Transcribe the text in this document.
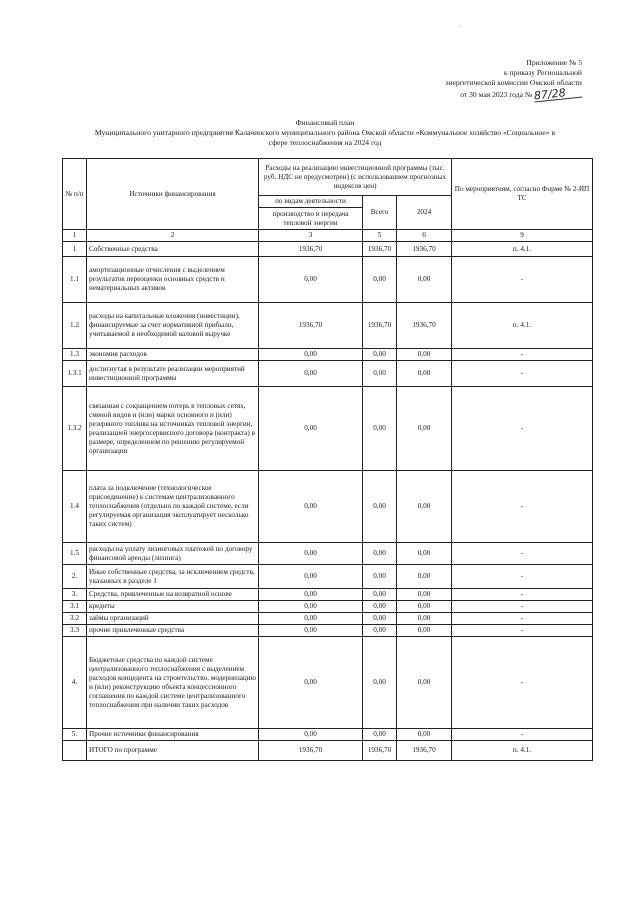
·
Приложение № 5
к приказу Региональной
энергетической комиссии Омской области
от 30 мая 2023 года № 87/28
Финансовый план
Муниципального унитарного предприятия Калачинского муниципального района Омской области «Коммунальное хозяйство «Социальное» в
сфере теплоснабжения на 2024 год
№ п/п	Источники финансирования	Расходы на реализацию инвестиционной программы (тыс. руб. НДС не предусмотрен) (с использованием прогнозных индексов цен)			По мероприятиям, согласно Форме № 2-ИП ТС
		по видам деятельности	Всего	2024	
		производство и передача тепловой энергии			
1	2	3	5	6	9
1	Собственные средства	1936,70	1936,70	1936,70	п. 4.1.
1.1	амортизационные отчисления с выделением результатов переоценки основных средств и нематериальных активов	0,00	0,00	0,00	-
1.2	расходы на капитальные вложения (инвестиции), финансируемые за счет нормативной прибыли, учитываемой в необходимой валовой выручке	1936,70	1936,70	1936,70	п. 4.1.
1.3	экономия расходов	0,00	0,00	0,00	-
1.3.1	достигнутая в результате реализации мероприятий инвестиционной программы	0,00	0,00	0,00	-
1.3.2	связанная с сокращением потерь в тепловых сетях, сменой видов и (или) марки основного и (или) резервного топлива на источниках тепловой энергии, реализацией энергосервисного договора (контракта) в размере, определенном по решению регулируемой организации	0,00	0,00	0,00	-
1.4	плата за подключение (технологическое присоединение) к системам централизованного теплоснабжения (отдельно по каждой системе, если регулируемая организация эксплуатирует несколько таких систем)	0,00	0,00	0,00	-
1.5	расходы на уплату лизинговых платежей по договору финансовой аренды (лизинга)	0,00	0,00	0,00	-
2.	Иные собственные средства, за исключением средств, указанных в разделе 1	0,00	0,00	0,00	-
3.	Средства, привлеченные на возвратной основе	0,00	0,00	0,00	-
3.1	кредиты	0,00	0,00	0,00	-
3.2	займы организаций	0,00	0,00	0,00	-
3.3	прочие привлеченные средства	0,00	0,00	0,00	-
4.	Бюджетные средства по каждой системе централизованного теплоснабжения с выделением расходов концедента на строительство, модернизацию и (или) реконструкцию объекта концессионного соглашения по каждой системе централизованного теплоснабжения при наличии таких расходов	0,00	0,00	0,00	-
5.	Прочие источники финансирования	0,00	0,00	0,00	-
	ИТОГО по программе	1936,70	1936,70	1936,70	п. 4.1.
